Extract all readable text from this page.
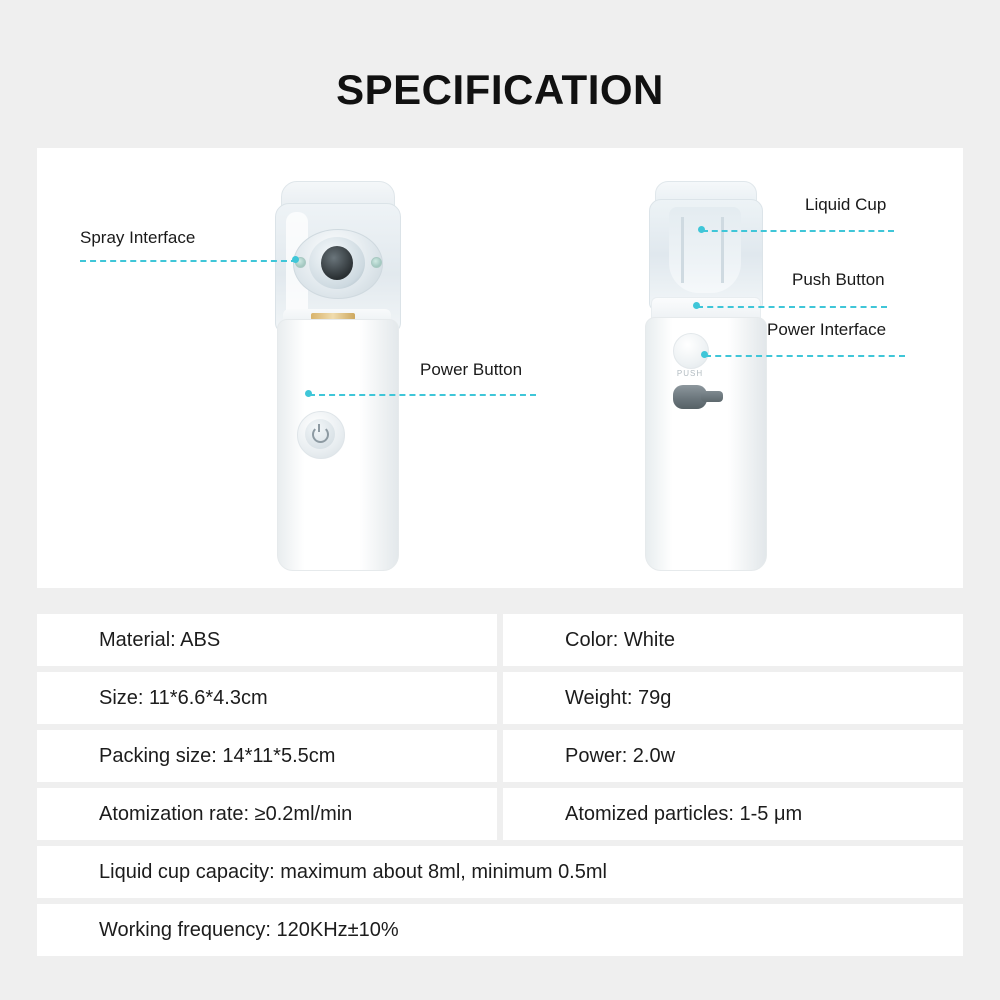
SPECIFICATION
PUSH
Spray Interface
Power Button
Liquid Cup
Push Button
Power Interface
Material: ABS	Color: White
Size: 11*6.6*4.3cm	Weight: 79g
Packing size: 14*11*5.5cm	Power: 2.0w
Atomization rate: ≥0.2ml/min	Atomized particles: 1-5 μm
Liquid cup capacity: maximum about 8ml, minimum 0.5ml
Working frequency: 120KHz±10%
